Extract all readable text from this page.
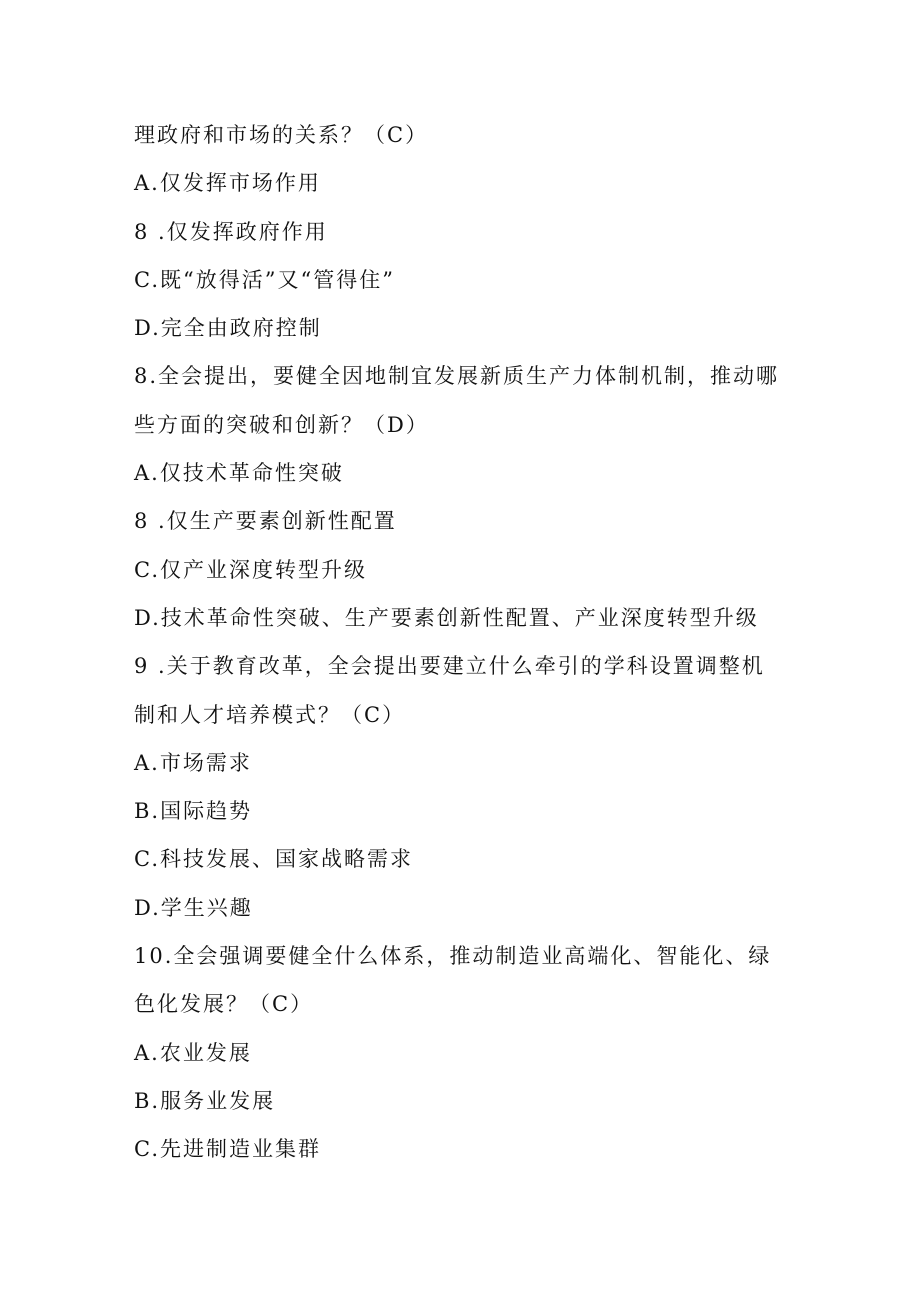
理政府和市场的关系？（C）
A.仅发挥市场作用
8 .仅发挥政府作用
C.既“放得活”又“管得住”
D.完全由政府控制
8.全会提出，要健全因地制宜发展新质生产力体制机制，推动哪
些方面的突破和创新？（D）
A.仅技术革命性突破
8 .仅生产要素创新性配置
C.仅产业深度转型升级
D.技术革命性突破、生产要素创新性配置、产业深度转型升级
9 .关于教育改革，全会提出要建立什么牵引的学科设置调整机
制和人才培养模式？（C）
A.市场需求
B.国际趋势
C.科技发展、国家战略需求
D.学生兴趣
10.全会强调要健全什么体系，推动制造业高端化、智能化、绿
色化发展？（C）
A.农业发展
B.服务业发展
C.先进制造业集群
